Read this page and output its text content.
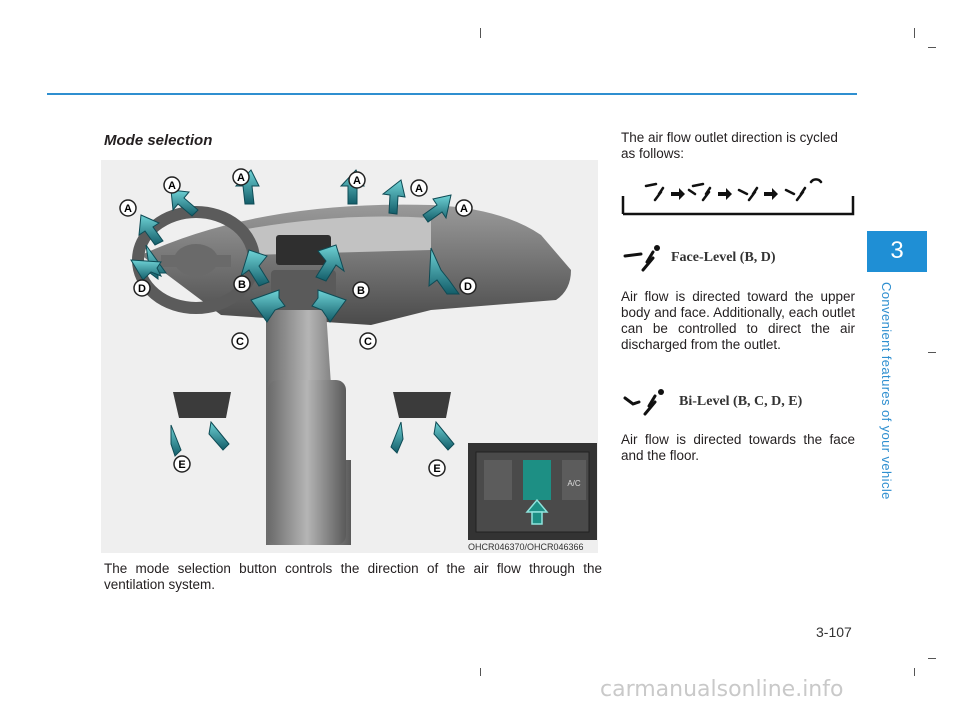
Mode selection
A
A
A	A
A
A
B	B
C	C
D	D
E	E
A/C
OHCR046370/OHCR046366
The mode selection button controls the direction of the air flow through the ventilation system.
The air flow outlet direction is cycled as follows:
Face-Level (B, D)
Air flow is directed toward the upper body and face. Additionally, each outlet can be controlled to direct the air discharged from the outlet.
Bi-Level (B, C, D, E)
Air flow is directed towards the face and the floor.
3
Convenient features of your vehicle
3-107
carmanualsonline.info
